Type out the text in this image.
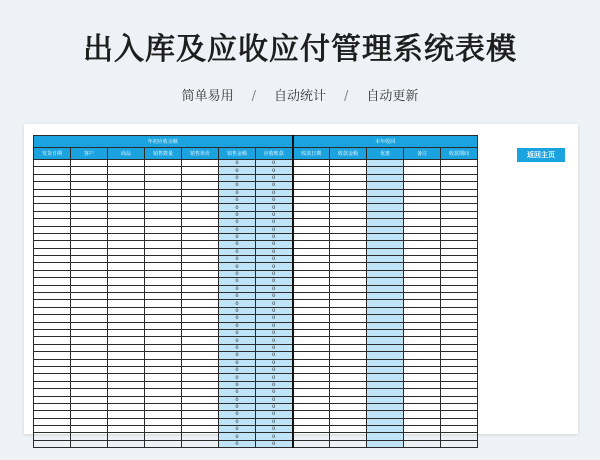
出入库及应收应付管理系统表模
简单易用 / 自动统计 / 自动更新
年初应收余额							本年收回				
发货日期	客户	商品	销售数量	销售单价	销售金额	应收账款	收款日期	收款金额	优惠	备注	收款期间
					0	0					
					0	0					
					0	0					
					0	0					
					0	0					
					0	0					
					0	0					
					0	0					
					0	0					
					0	0					
					0	0					
					0	0					
					0	0					
					0	0					
					0	0					
					0	0					
					0	0					
					0	0					
					0	0					
					0	0					
					0	0					
					0	0					
					0	0					
					0	0					
					0	0					
					0	0					
					0	0					
					0	0					
					0	0					
					0	0					
					0	0					
					0	0					
					0	0					
					0	0					
					0	0					
					0	0					
					0	0					
					0	0					
					0	0					
返回主页
